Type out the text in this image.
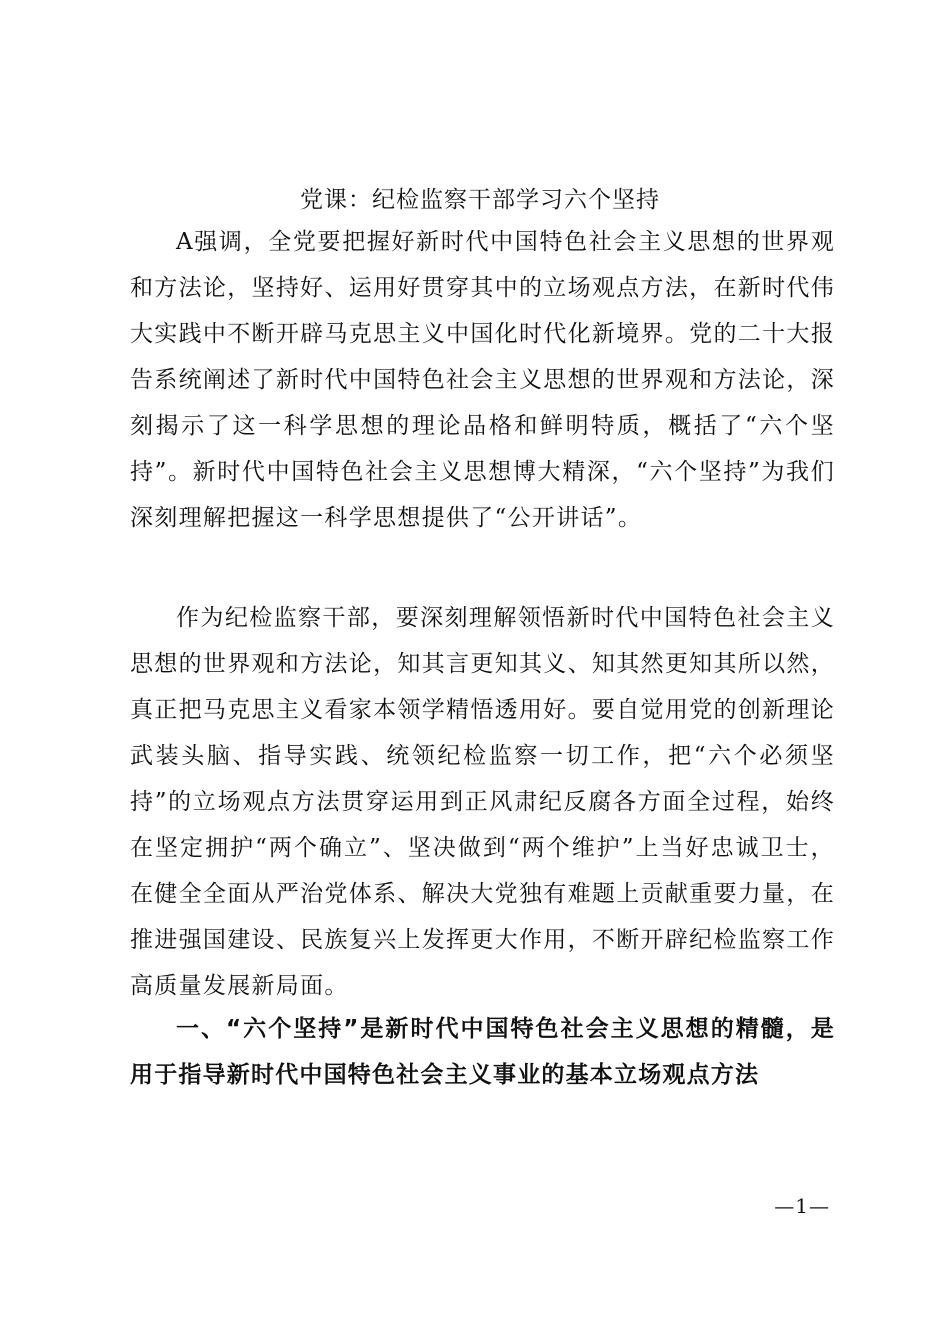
党课：纪检监察干部学习六个坚持

A强调，全党要把握好新时代中国特色社会主义思想的世界观和方法论，坚持好、运用好贯穿其中的立场观点方法，在新时代伟大实践中不断开辟马克思主义中国化时代化新境界。党的二十大报告系统阐述了新时代中国特色社会主义思想的世界观和方法论，深刻揭示了这一科学思想的理论品格和鲜明特质，概括了“六个坚持”。新时代中国特色社会主义思想博大精深，“六个坚持”为我们深刻理解把握这一科学思想提供了“公开讲话”。

作为纪检监察干部，要深刻理解领悟新时代中国特色社会主义思想的世界观和方法论，知其言更知其义、知其然更知其所以然，真正把马克思主义看家本领学精悟透用好。要自觉用党的创新理论武装头脑、指导实践、统领纪检监察一切工作，把“六个必须坚持”的立场观点方法贯穿运用到正风肃纪反腐各方面全过程，始终在坚定拥护“两个确立”、坚决做到“两个维护”上当好忠诚卫士，在健全全面从严治党体系、解决大党独有难题上贡献重要力量，在推进强国建设、民族复兴上发挥更大作用，不断开辟纪检监察工作高质量发展新局面。

一、“六个坚持”是新时代中国特色社会主义思想的精髓，是用于指导新时代中国特色社会主义事业的基本立场观点方法
—1—
